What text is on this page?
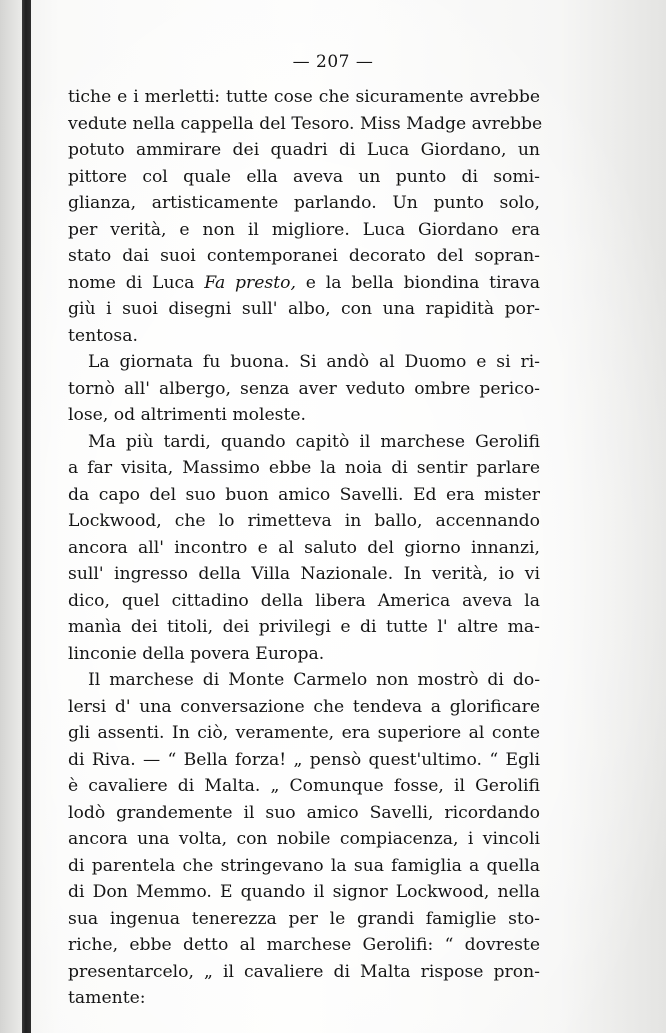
— 207 —
tiche e i merletti: tutte cose che sicuramente avrebbe
vedute nella cappella del Tesoro. Miss Madge avrebbe
potuto ammirare dei quadri di Luca Giordano, un
pittore col quale ella aveva un punto di somi-
glianza, artisticamente parlando. Un punto solo,
per verità, e non il migliore. Luca Giordano era
stato dai suoi contemporanei decorato del sopran-
nome di Luca Fa presto, e la bella biondina tirava
giù i suoi disegni sull' albo, con una rapidità por-
tentosa.
La giornata fu buona. Si andò al Duomo e si ri-
tornò all' albergo, senza aver veduto ombre perico-
lose, od altrimenti moleste.
Ma più tardi, quando capitò il marchese Gerolifi
a far visita, Massimo ebbe la noia di sentir parlare
da capo del suo buon amico Savelli. Ed era mister
Lockwood, che lo rimetteva in ballo, accennando
ancora all' incontro e al saluto del giorno innanzi,
sull' ingresso della Villa Nazionale. In verità, io vi
dico, quel cittadino della libera America aveva la
manìa dei titoli, dei privilegi e di tutte l' altre ma-
linconie della povera Europa.
Il marchese di Monte Carmelo non mostrò di do-
lersi d' una conversazione che tendeva a glorificare
gli assenti. In ciò, veramente, era superiore al conte
di Riva. — “ Bella forza! „ pensò quest'ultimo. “ Egli
è cavaliere di Malta. „ Comunque fosse, il Gerolifi
lodò grandemente il suo amico Savelli, ricordando
ancora una volta, con nobile compiacenza, i vincoli
di parentela che stringevano la sua famiglia a quella
di Don Memmo. E quando il signor Lockwood, nella
sua ingenua tenerezza per le grandi famiglie sto-
riche, ebbe detto al marchese Gerolifi: “ dovreste
presentarcelo, „ il cavaliere di Malta rispose pron-
tamente:
